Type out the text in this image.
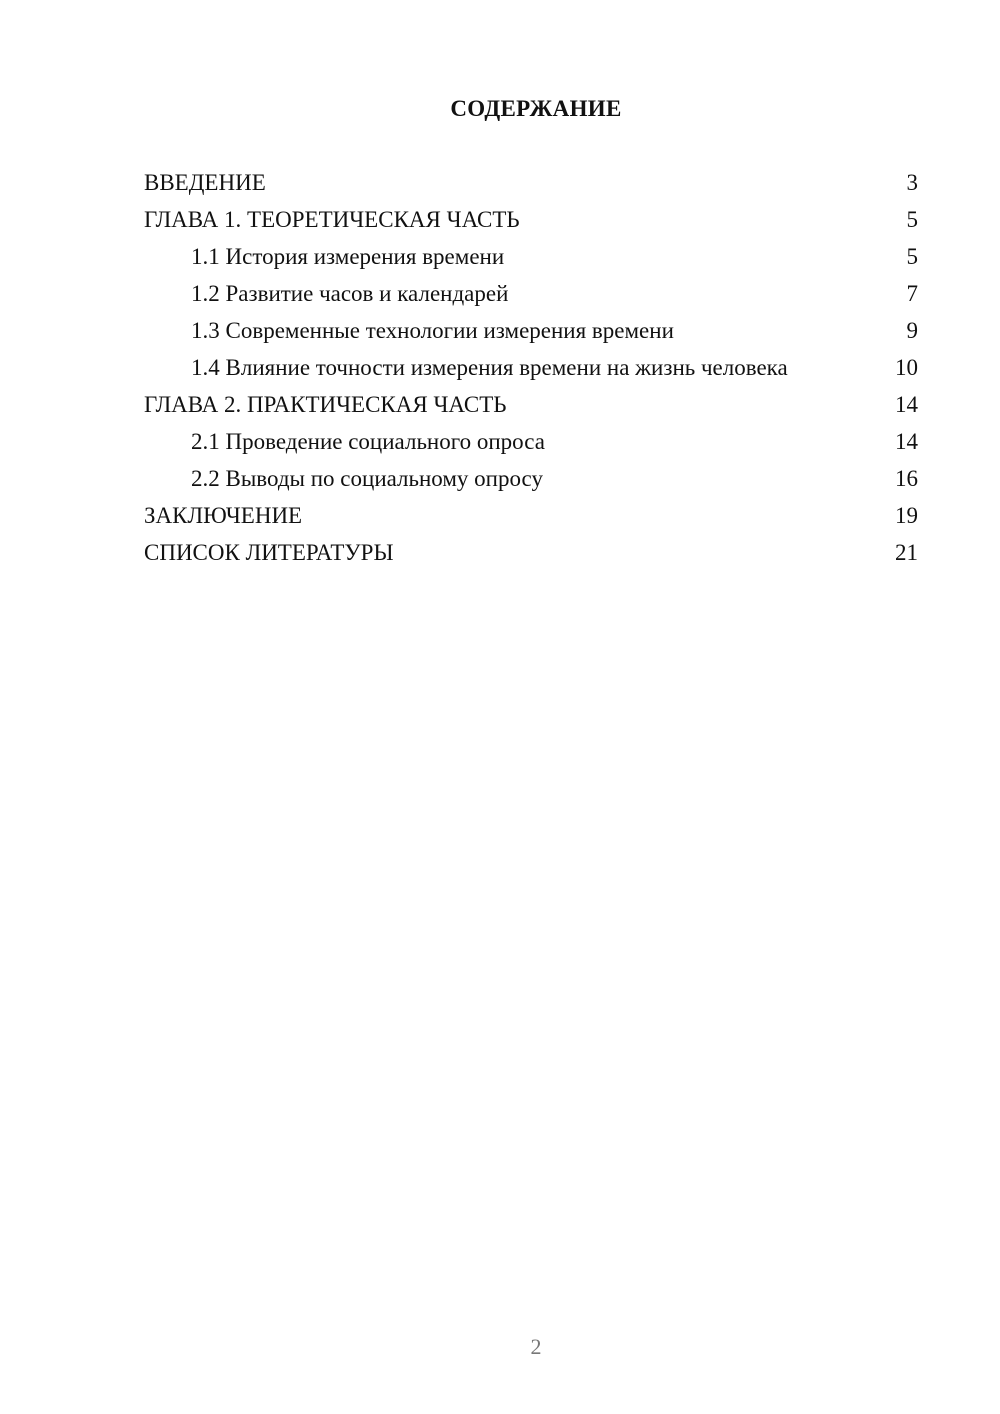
СОДЕРЖАНИЕ
ВВЕДЕНИЕ	3
ГЛАВА 1. ТЕОРЕТИЧЕСКАЯ ЧАСТЬ	5
1.1 История измерения времени	5
1.2 Развитие часов и календарей	7
1.3 Современные технологии измерения времени	9
1.4 Влияние точности измерения времени на жизнь человека	10
ГЛАВА 2. ПРАКТИЧЕСКАЯ ЧАСТЬ	14
2.1 Проведение социального опроса	14
2.2 Выводы по социальному опросу	16
ЗАКЛЮЧЕНИЕ	19
СПИСОК ЛИТЕРАТУРЫ	21
2
